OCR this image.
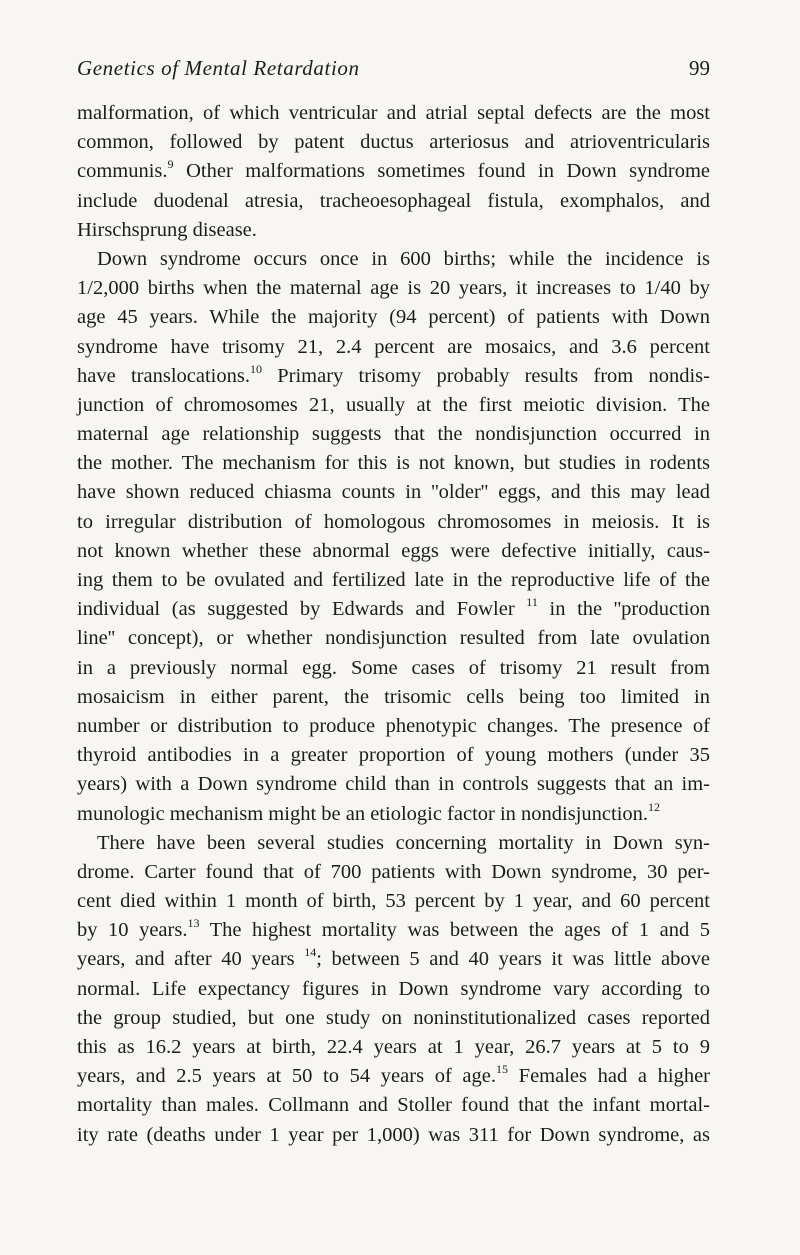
Genetics of Mental Retardation	99
malformation, of which ventricular and atrial septal defects are the most
common, followed by patent ductus arteriosus and atrioventricularis
communis.$^9$ Other malformations sometimes found in Down syndrome
include duodenal atresia, tracheoesophageal fistula, exomphalos, and
Hirschsprung disease.
Down syndrome occurs once in 600 births; while the incidence is
1/2,000 births when the maternal age is 20 years, it increases to 1/40 by
age 45 years. While the majority (94 percent) of patients with Down
syndrome have trisomy 21, 2.4 percent are mosaics, and 3.6 percent
have translocations.$^{10}$ Primary trisomy probably results from nondis-
junction of chromosomes 21, usually at the first meiotic division. The
maternal age relationship suggests that the nondisjunction occurred in
the mother. The mechanism for this is not known, but studies in rodents
have shown reduced chiasma counts in ''older'' eggs, and this may lead
to irregular distribution of homologous chromosomes in meiosis. It is
not known whether these abnormal eggs were defective initially, caus-
ing them to be ovulated and fertilized late in the reproductive life of the
individual (as suggested by Edwards and Fowler $^{11}$ in the ''production
line'' concept), or whether nondisjunction resulted from late ovulation
in a previously normal egg. Some cases of trisomy 21 result from
mosaicism in either parent, the trisomic cells being too limited in
number or distribution to produce phenotypic changes. The presence of
thyroid antibodies in a greater proportion of young mothers (under 35
years) with a Down syndrome child than in controls suggests that an im-
munologic mechanism might be an etiologic factor in nondisjunction.$^{12}$
There have been several studies concerning mortality in Down syn-
drome. Carter found that of 700 patients with Down syndrome, 30 per-
cent died within 1 month of birth, 53 percent by 1 year, and 60 percent
by 10 years.$^{13}$ The highest mortality was between the ages of 1 and 5
years, and after 40 years $^{14}$; between 5 and 40 years it was little above
normal. Life expectancy figures in Down syndrome vary according to
the group studied, but one study on noninstitutionalized cases reported
this as 16.2 years at birth, 22.4 years at 1 year, 26.7 years at 5 to 9
years, and 2.5 years at 50 to 54 years of age.$^{15}$ Females had a higher
mortality than males. Collmann and Stoller found that the infant mortal-
ity rate (deaths under 1 year per 1,000) was 311 for Down syndrome, as
